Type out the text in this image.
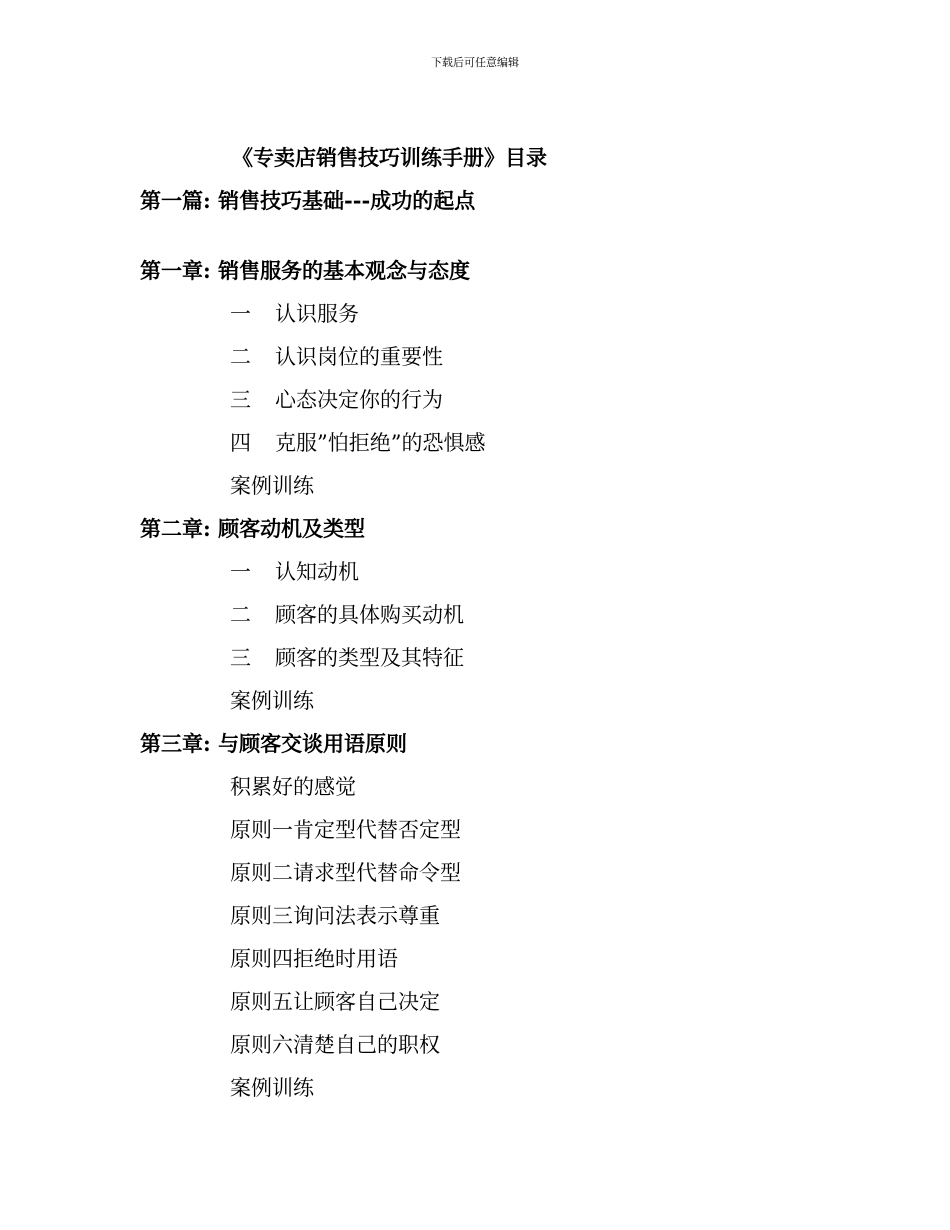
下载后可任意编辑
《专卖店销售技巧训练手册》目录
第一篇: 销售技巧基础---成功的起点
第一章: 销售服务的基本观念与态度
一 认识服务
二 认识岗位的重要性
三 心态决定你的行为
四 克服”怕拒绝”的恐惧感
案例训练
第二章: 顾客动机及类型
一 认知动机
二 顾客的具体购买动机
三 顾客的类型及其特征
案例训练
第三章: 与顾客交谈用语原则
积累好的感觉
原则一肯定型代替否定型
原则二请求型代替命令型
原则三询问法表示尊重
原则四拒绝时用语
原则五让顾客自己决定
原则六清楚自己的职权
案例训练
